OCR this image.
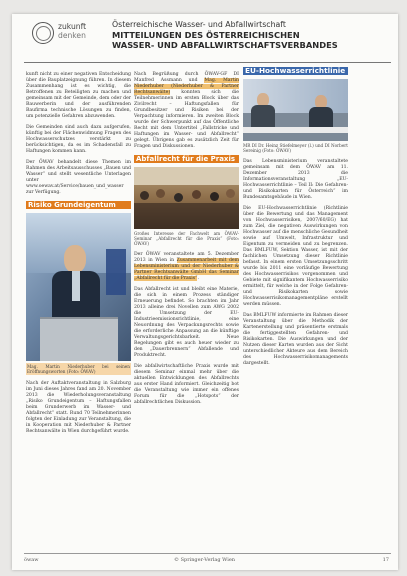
zukunft
denken
Österreichische Wasser- und Abfallwirtschaft
MITTEILUNGEN DES ÖSTERREICHISCHEN
WASSER- UND ABFALLWIRTSCHAFTSVERBANDES

kunft nicht zu einer negativen Entscheidung über die Bauplatzeignung führen. In diesem Zusammenhang ist es wichtig, die Betroffenen zu Beteiligten zu machen und gemeinsam mit der Gemeinde, dem oder der Bauwerberin und der ausführenden Baufirma technische Lösungen zu finden, um potenzielle Gefahren abzuwenden.

Die Gemeinden sind auch dazu aufgerufen, künftig bei der Flächenwidmung Fragen des Hochwasserschutzes verstärkt zu berücksichtigen, da es im Schadensfall zu Haftungen kommen kann.

Der ÖWAV behandelt diese Themen im Rahmen des Arbeitsausschusses „Bauen und Wasser“ und stellt wesentliche Unterlagen unter www.oewav.at/Service/bauen_und_wasser zur Verfügung.

Risiko Grundeigentum
Mag. Martin Niederhuber bei seinen Eröffnungsworten (Foto: ÖWAV)

Nach der Auftaktveranstaltung in Salzburg im Juni dieses Jahres fand am 20. November 2013 die Wiederholungsveranstaltung „Risiko Grundeigentum – Haftungsfallen beim Grunderwerb im Wasser- und Abfallrecht“ statt. Rund 70 Teilnehmerinnen folgten der Einladung zur Veranstaltung, die in Kooperation mit Niederhuber & Partner Rechtsanwälte in Wien durchgeführt wurde.

Nach Begrüßung durch ÖWAV-GF DI Manfred Assmann und Mag. Martin Niederhuber (Niederhuber & Partner Rechtsanwälte) konnten sich die Teilnehmerinnen im ersten Block über das Zivilrecht – Haftungsfallen für Grundbesitzer und Risiken bei der Verpachtung informieren. Im zweiten Block wurde der Schwerpunkt auf das Öffentliche Recht mit dem Untertitel „Fallstricke und Haftungen im Wasser- und Abfallrecht“ gelegt. Übrigens gab es zusätzlich Zeit für Fragen und Diskussionen.

Abfallrecht für die Praxis
Großes Interesse der Fachwelt am ÖWAV-Seminar „Abfallrecht für die Praxis“ (Foto: ÖWAV)

Der ÖWAV veranstaltete am 5. Dezember 2013 in Wien in Zusammenarbeit mit dem Lebensministerium und der Niederhuber & Partner Rechtsanwälte GmbH das Seminar „Abfallrecht für die Praxis“.

Das Abfallrecht ist und bleibt eine Materie, die sich in einem Prozess ständiger Erneuerung befindet. So brachten im Jahr 2013 alleine drei Novellen zum AWG 2002 die Umsetzung der EU-Industrieemissionsrichtlinie, eine Neuordnung des Verpackungsrechts sowie die erforderliche Anpassung an die künftige Verwaltungsgerichtsbarkeit. Neue Regelungen gibt es auch heuer wieder zu den „Dauerbrennern“ Abfallende und Produktrecht.

Die abfallwirtschaftliche Praxis wurde mit diesem Seminar einmal mehr über die aktuellen Entwicklungen des Abfallrechts aus erster Hand informiert. Gleichzeitig bot die Veranstaltung wie immer ein offenes Forum für die „Hotspots“ der abfallrechtlichen Diskussion.

EU-Hochwasserrichtlinie
MR DI Dr. Heinz Stiefelmeyer (l.) und DI Norbert Sereinig (Foto: ÖWAV)

Das Lebensministerium veranstaltete gemeinsam mit dem ÖWAV am 11. Dezember 2013 die Informationsveranstaltung „EU-Hochwasserrichtlinie – Teil II: Die Gefahren- und Risikokarten für Österreich“ im Bundesamtsgebäude in Wien.

Die EU-Hochwasserrichtlinie (Richtlinie über die Bewertung und das Management von Hochwasserrisiken, 2007/60/EG) hat zum Ziel, die negativen Auswirkungen von Hochwasser auf die menschliche Gesundheit sowie auf Umwelt, Infrastruktur und Eigentum zu vermeiden und zu begrenzen. Das BMLFUW, Sektion Wasser, ist mit der fachlichen Umsetzung dieser Richtlinie befasst. In einem ersten Umsetzungsschritt wurde bis 2011 eine vorläufige Bewertung des Hochwasserrisikos vorgenommen und Gebiete mit signifikantem Hochwasserrisiko ermittelt, für welche in der Folge Gefahren- und Risikokarten sowie Hochwasserrisikomanagementpläne erstellt werden müssen.

Das BMLFUW informierte im Rahmen dieser Veranstaltung über die Methodik der Kartenerstellung und präsentierte erstmals die fertiggestellten Gefahren- und Risikokarten. Die Auswirkungen und der Nutzen dieser Karten wurden aus der Sicht unterschiedlicher Akteure aus dem Bereich des Hochwasserrisikomanagements dargestellt.

öwaw	© Springer-Verlag Wien	17
